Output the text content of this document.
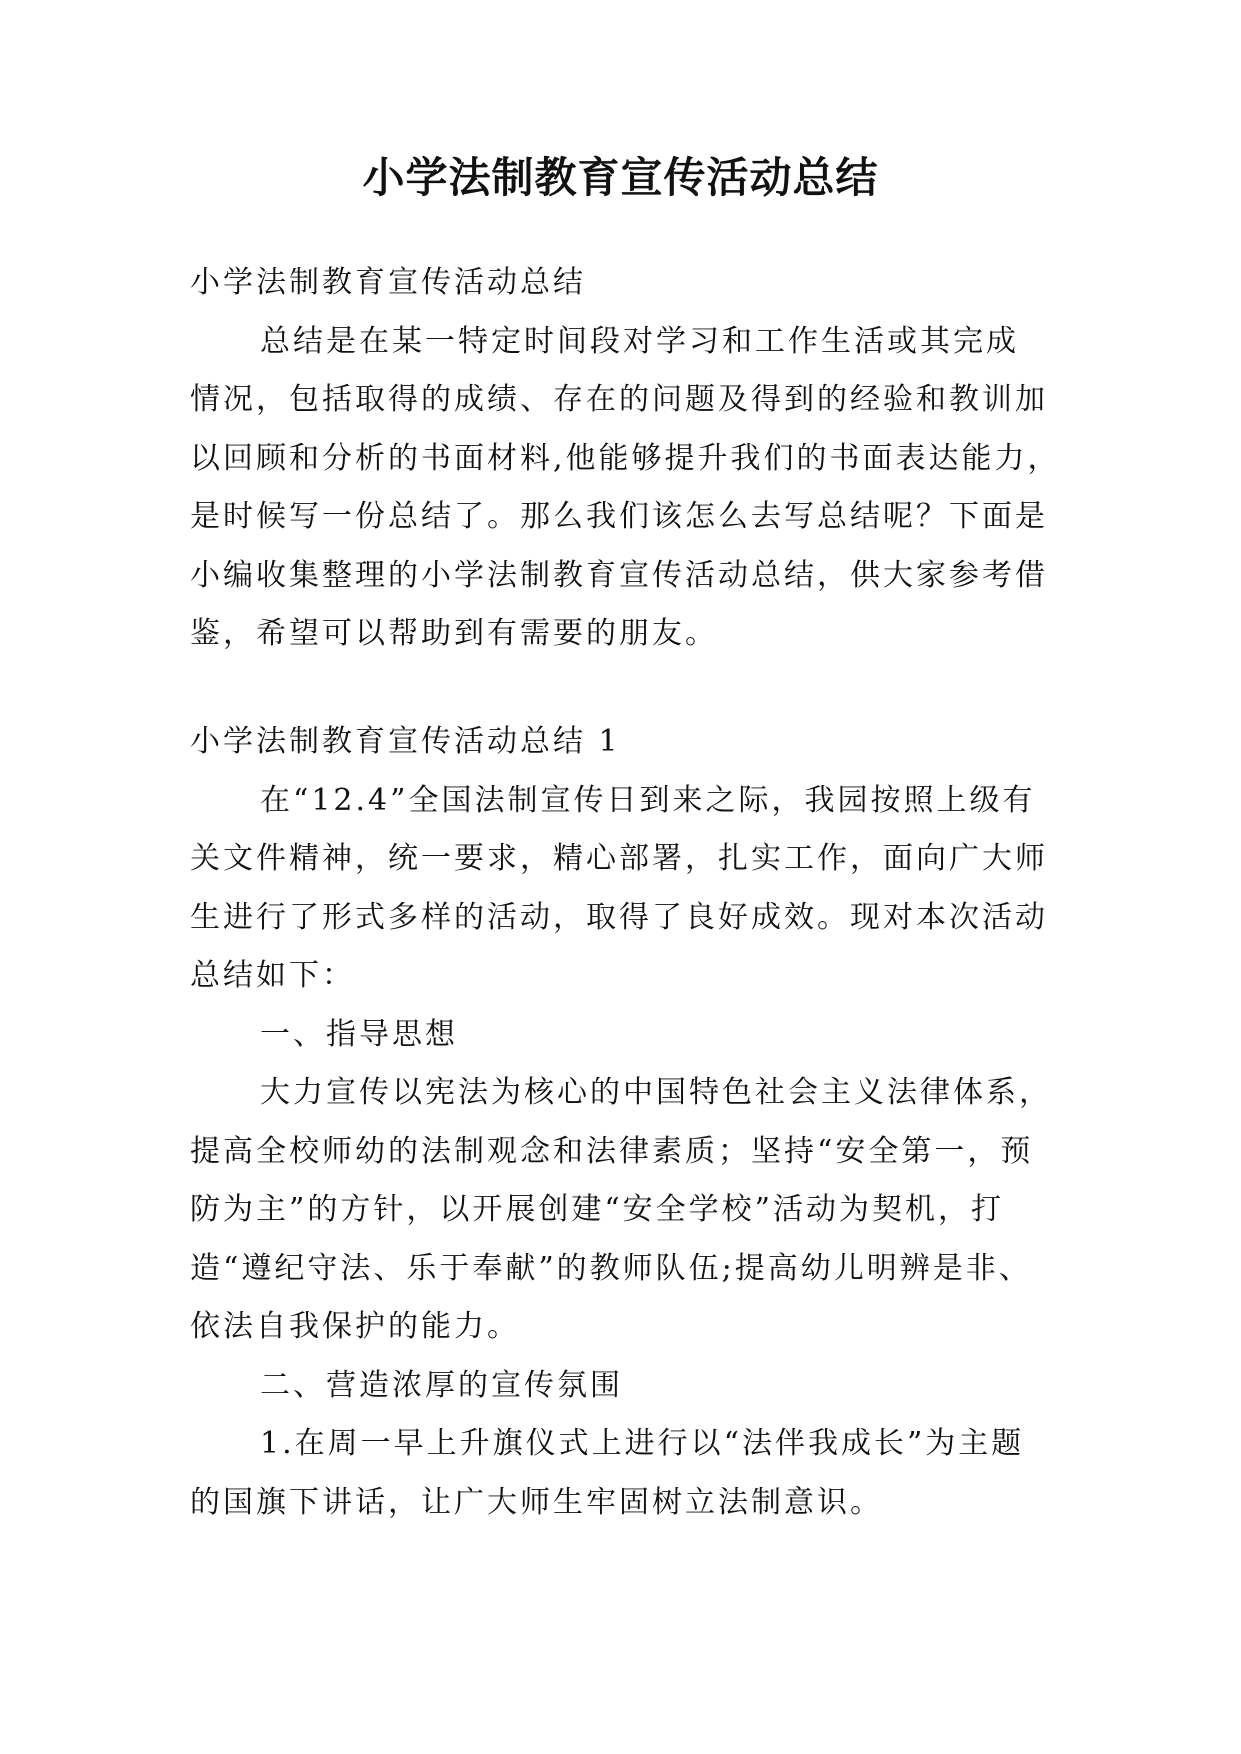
小学法制教育宣传活动总结
小学法制教育宣传活动总结
总结是在某一特定时间段对学习和工作生活或其完成
情况，包括取得的成绩、存在的问题及得到的经验和教训加
以回顾和分析的书面材料,他能够提升我们的书面表达能力，
是时候写一份总结了。那么我们该怎么去写总结呢？下面是
小编收集整理的小学法制教育宣传活动总结，供大家参考借
鉴，希望可以帮助到有需要的朋友。
小学法制教育宣传活动总结 1
在“12.4”全国法制宣传日到来之际，我园按照上级有
关文件精神，统一要求，精心部署，扎实工作，面向广大师
生进行了形式多样的活动，取得了良好成效。现对本次活动
总结如下：
一、指导思想
大力宣传以宪法为核心的中国特色社会主义法律体系，
提高全校师幼的法制观念和法律素质；坚持“安全第一，预
防为主”的方针，以开展创建“安全学校”活动为契机，打
造“遵纪守法、乐于奉献”的教师队伍;提高幼儿明辨是非、
依法自我保护的能力。
二、营造浓厚的宣传氛围
1.在周一早上升旗仪式上进行以“法伴我成长”为主题
的国旗下讲话，让广大师生牢固树立法制意识。
